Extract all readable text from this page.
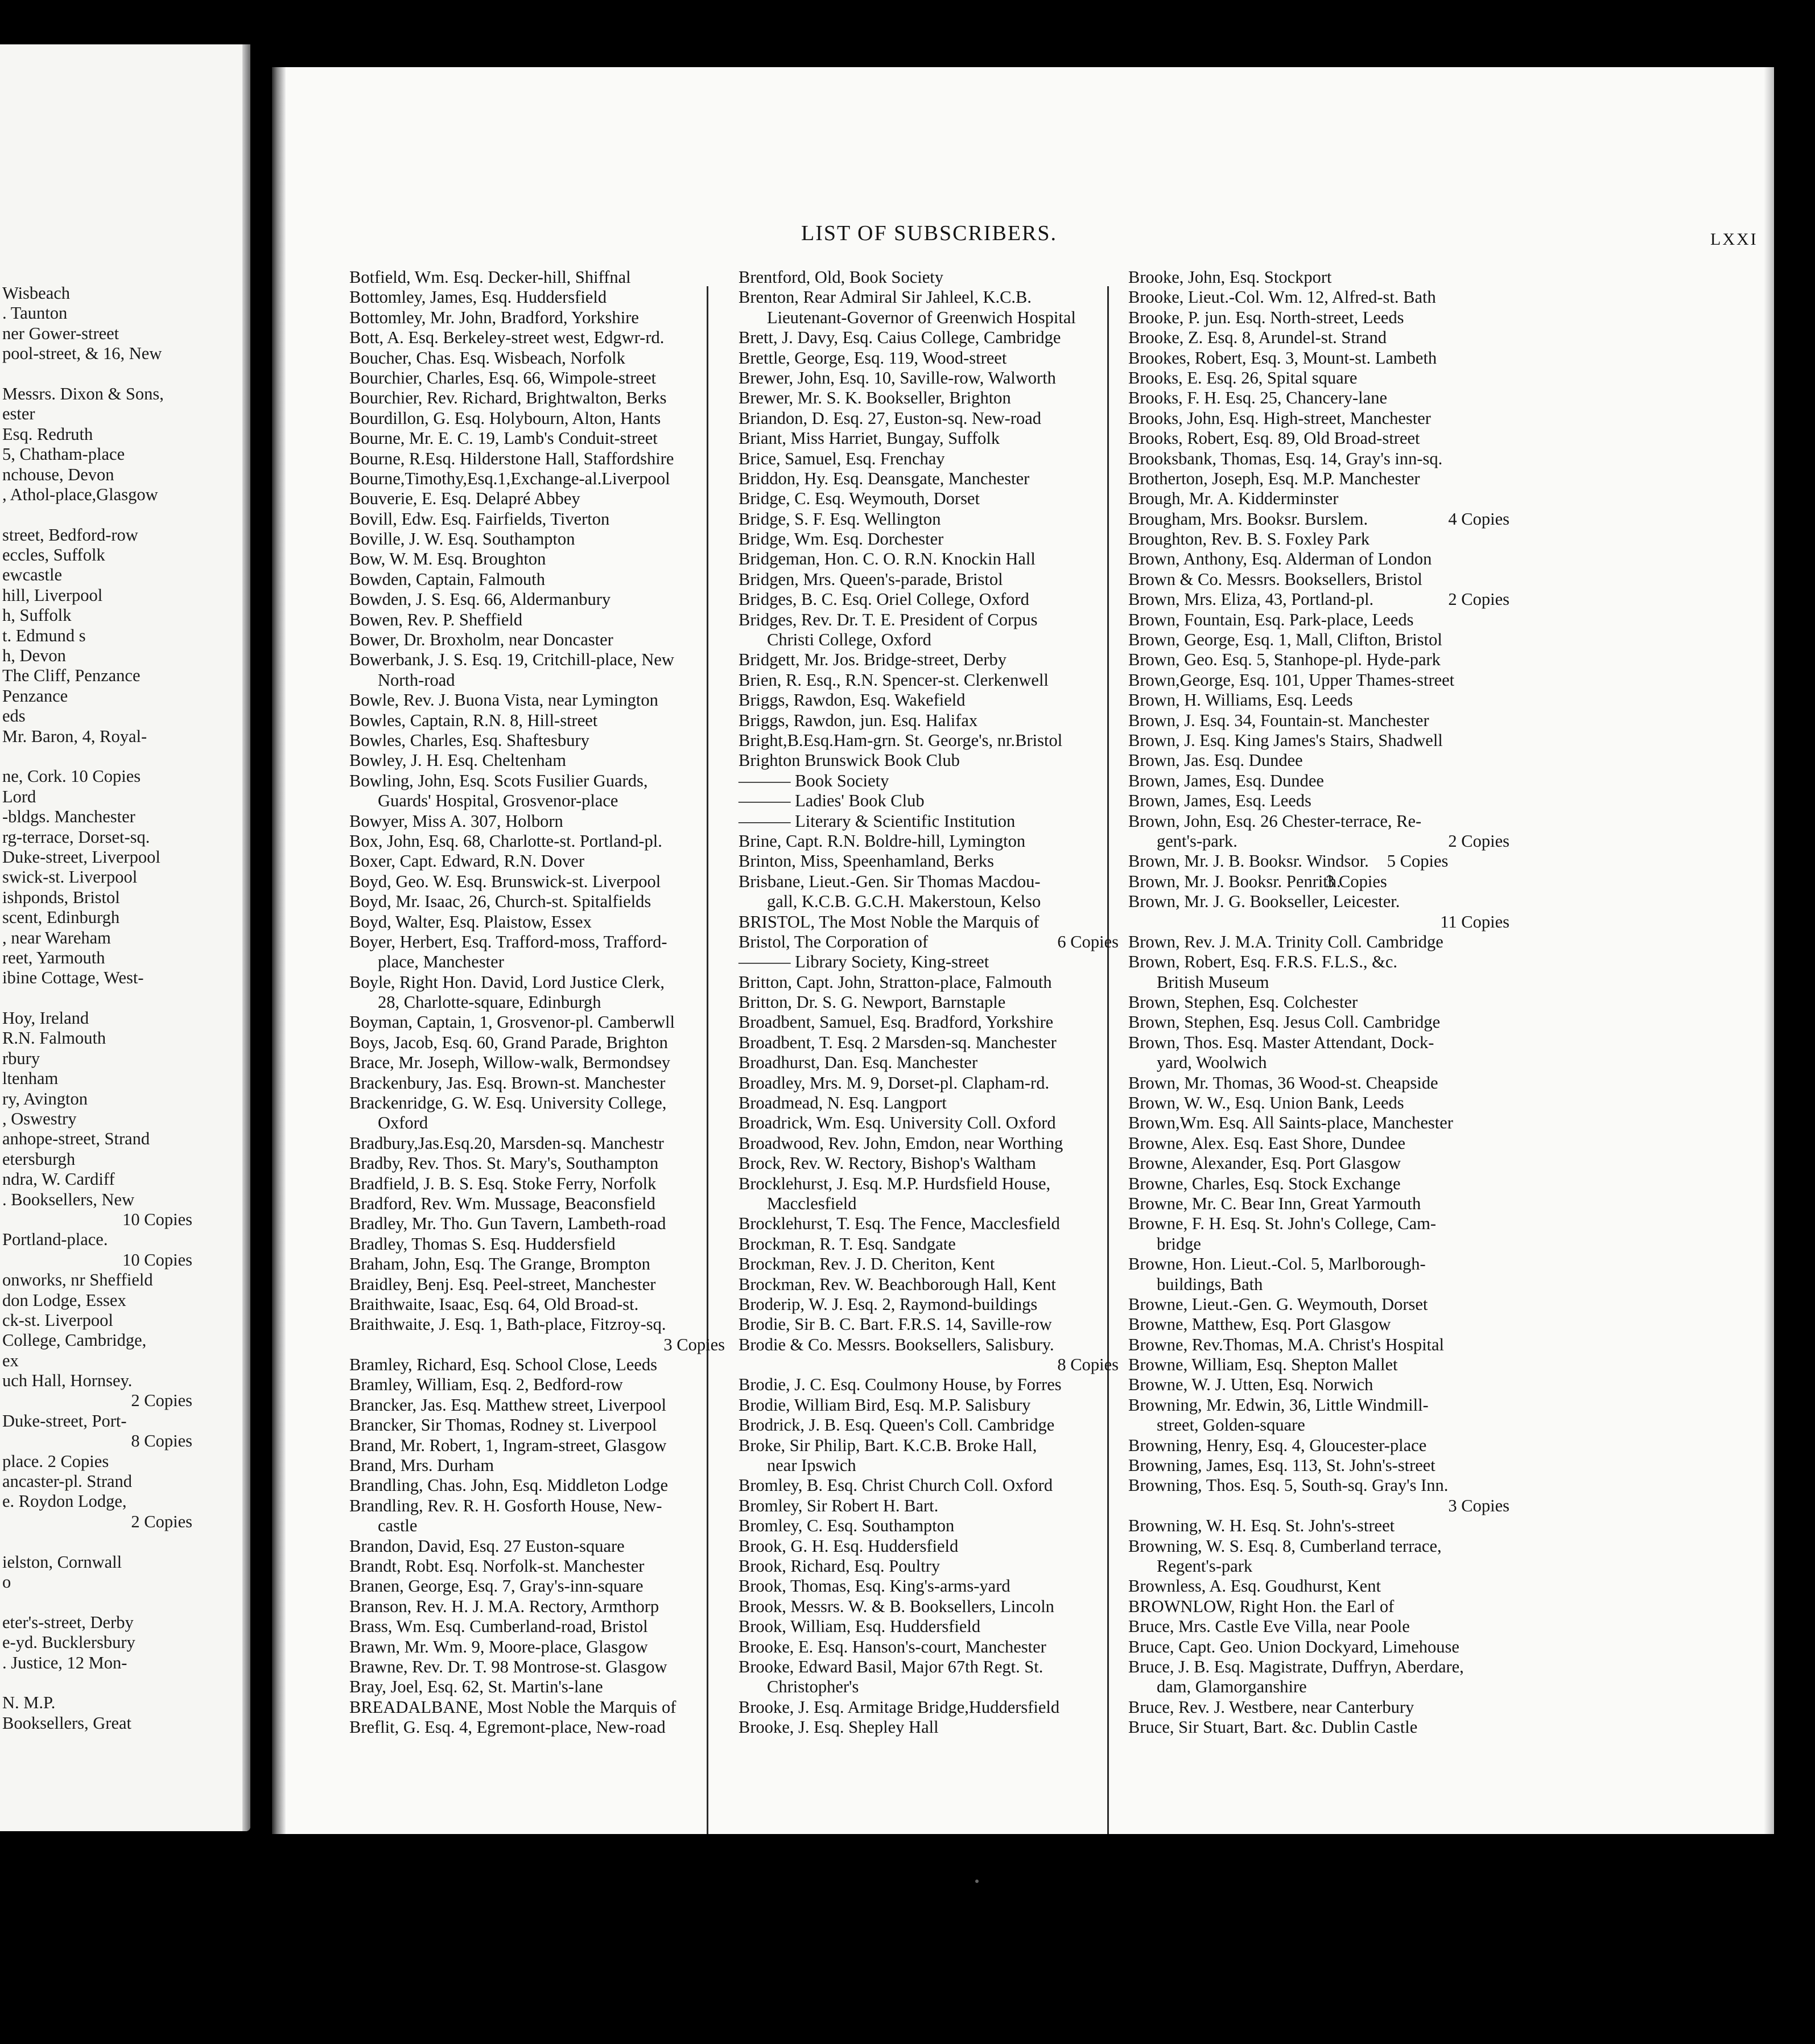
Wisbeach
. Taunton
ner Gower-street
pool-street, & 16, New
Messrs. Dixon & Sons,
ester
Esq. Redruth
5, Chatham-place
nchouse, Devon
, Athol-place,Glasgow
street, Bedford-row
eccles, Suffolk
ewcastle
hill, Liverpool
h, Suffolk
t. Edmund s
h, Devon
The Cliff, Penzance
Penzance
eds
Mr. Baron, 4, Royal-
ne, Cork. 10 Copies
Lord
-bldgs. Manchester
rg-terrace, Dorset-sq.
Duke-street, Liverpool
swick-st. Liverpool
ishponds, Bristol
scent, Edinburgh
, near Wareham
reet, Yarmouth
ibine Cottage, West-
Hoy, Ireland
R.N. Falmouth
rbury
ltenham
ry, Avington
, Oswestry
anhope-street, Strand
etersburgh
ndra, W. Cardiff
. Booksellers, New
10 Copies
Portland-place.
10 Copies
onworks, nr Sheffield
don Lodge, Essex
ck-st. Liverpool
College, Cambridge,
ex
uch Hall, Hornsey.
2 Copies
Duke-street, Port-
8 Copies
place. 2 Copies
ancaster-pl. Strand
e. Roydon Lodge,
2 Copies
ielston, Cornwall
o
eter's-street, Derby
e-yd. Bucklersbury
. Justice, 12 Mon-
N. M.P.
Booksellers, Great
LIST OF SUBSCRIBERS.	LXXI
Botfield, Wm. Esq. Decker-hill, Shiffnal
Bottomley, James, Esq. Huddersfield
Bottomley, Mr. John, Bradford, Yorkshire
Bott, A. Esq. Berkeley-street west, Edgwr-rd.
Boucher, Chas. Esq. Wisbeach, Norfolk
Bourchier, Charles, Esq. 66, Wimpole-street
Bourchier, Rev. Richard, Brightwalton, Berks
Bourdillon, G. Esq. Holybourn, Alton, Hants
Bourne, Mr. E. C. 19, Lamb's Conduit-street
Bourne, R.Esq. Hilderstone Hall, Staffordshire
Bourne,Timothy,Esq.1,Exchange-al.Liverpool
Bouverie, E. Esq. Delapré Abbey
Bovill, Edw. Esq. Fairfields, Tiverton
Boville, J. W. Esq. Southampton
Bow, W. M. Esq. Broughton
Bowden, Captain, Falmouth
Bowden, J. S. Esq. 66, Aldermanbury
Bowen, Rev. P. Sheffield
Bower, Dr. Broxholm, near Doncaster
Bowerbank, J. S. Esq. 19, Critchill-place, New
North-road
Bowle, Rev. J. Buona Vista, near Lymington
Bowles, Captain, R.N. 8, Hill-street
Bowles, Charles, Esq. Shaftesbury
Bowley, J. H. Esq. Cheltenham
Bowling, John, Esq. Scots Fusilier Guards,
Guards' Hospital, Grosvenor-place
Bowyer, Miss A. 307, Holborn
Box, John, Esq. 68, Charlotte-st. Portland-pl.
Boxer, Capt. Edward, R.N. Dover
Boyd, Geo. W. Esq. Brunswick-st. Liverpool
Boyd, Mr. Isaac, 26, Church-st. Spitalfields
Boyd, Walter, Esq. Plaistow, Essex
Boyer, Herbert, Esq. Trafford-moss, Trafford-
place, Manchester
Boyle, Right Hon. David, Lord Justice Clerk,
28, Charlotte-square, Edinburgh
Boyman, Captain, 1, Grosvenor-pl. Camberwll
Boys, Jacob, Esq. 60, Grand Parade, Brighton
Brace, Mr. Joseph, Willow-walk, Bermondsey
Brackenbury, Jas. Esq. Brown-st. Manchester
Brackenridge, G. W. Esq. University College,
Oxford
Bradbury,Jas.Esq.20, Marsden-sq. Manchestr
Bradby, Rev. Thos. St. Mary's, Southampton
Bradfield, J. B. S. Esq. Stoke Ferry, Norfolk
Bradford, Rev. Wm. Mussage, Beaconsfield
Bradley, Mr. Tho. Gun Tavern, Lambeth-road
Bradley, Thomas S. Esq. Huddersfield
Braham, John, Esq. The Grange, Brompton
Braidley, Benj. Esq. Peel-street, Manchester
Braithwaite, Isaac, Esq. 64, Old Broad-st.
Braithwaite, J. Esq. 1, Bath-place, Fitzroy-sq.
3 Copies
Bramley, Richard, Esq. School Close, Leeds
Bramley, William, Esq. 2, Bedford-row
Brancker, Jas. Esq. Matthew street, Liverpool
Brancker, Sir Thomas, Rodney st. Liverpool
Brand, Mr. Robert, 1, Ingram-street, Glasgow
Brand, Mrs. Durham
Brandling, Chas. John, Esq. Middleton Lodge
Brandling, Rev. R. H. Gosforth House, New-
castle
Brandon, David, Esq. 27 Euston-square
Brandt, Robt. Esq. Norfolk-st. Manchester
Branen, George, Esq. 7, Gray's-inn-square
Branson, Rev. H. J. M.A. Rectory, Armthorp
Brass, Wm. Esq. Cumberland-road, Bristol
Brawn, Mr. Wm. 9, Moore-place, Glasgow
Brawne, Rev. Dr. T. 98 Montrose-st. Glasgow
Bray, Joel, Esq. 62, St. Martin's-lane
BREADALBANE, Most Noble the Marquis of
Breflit, G. Esq. 4, Egremont-place, New-road
Brentford, Old, Book Society
Brenton, Rear Admiral Sir Jahleel, K.C.B.
Lieutenant-Governor of Greenwich Hospital
Brett, J. Davy, Esq. Caius College, Cambridge
Brettle, George, Esq. 119, Wood-street
Brewer, John, Esq. 10, Saville-row, Walworth
Brewer, Mr. S. K. Bookseller, Brighton
Briandon, D. Esq. 27, Euston-sq. New-road
Briant, Miss Harriet, Bungay, Suffolk
Brice, Samuel, Esq. Frenchay
Briddon, Hy. Esq. Deansgate, Manchester
Bridge, C. Esq. Weymouth, Dorset
Bridge, S. F. Esq. Wellington
Bridge, Wm. Esq. Dorchester
Bridgeman, Hon. C. O. R.N. Knockin Hall
Bridgen, Mrs. Queen's-parade, Bristol
Bridges, B. C. Esq. Oriel College, Oxford
Bridges, Rev. Dr. T. E. President of Corpus
Christi College, Oxford
Bridgett, Mr. Jos. Bridge-street, Derby
Brien, R. Esq., R.N. Spencer-st. Clerkenwell
Briggs, Rawdon, Esq. Wakefield
Briggs, Rawdon, jun. Esq. Halifax
Bright,B.Esq.Ham-grn. St. George's, nr.Bristol
Brighton Brunswick Book Club
——— Book Society
——— Ladies' Book Club
——— Literary & Scientific Institution
Brine, Capt. R.N. Boldre-hill, Lymington
Brinton, Miss, Speenhamland, Berks
Brisbane, Lieut.-Gen. Sir Thomas Macdou-
gall, K.C.B. G.C.H. Makerstoun, Kelso
BRISTOL, The Most Noble the Marquis of
6 Copies
Bristol, The Corporation of
——— Library Society, King-street
Britton, Capt. John, Stratton-place, Falmouth
Britton, Dr. S. G. Newport, Barnstaple
Broadbent, Samuel, Esq. Bradford, Yorkshire
Broadbent, T. Esq. 2 Marsden-sq. Manchester
Broadhurst, Dan. Esq. Manchester
Broadley, Mrs. M. 9, Dorset-pl. Clapham-rd.
Broadmead, N. Esq. Langport
Broadrick, Wm. Esq. University Coll. Oxford
Broadwood, Rev. John, Emdon, near Worthing
Brock, Rev. W. Rectory, Bishop's Waltham
Brocklehurst, J. Esq. M.P. Hurdsfield House,
Macclesfield
Brocklehurst, T. Esq. The Fence, Macclesfield
Brockman, R. T. Esq. Sandgate
Brockman, Rev. J. D. Cheriton, Kent
Brockman, Rev. W. Beachborough Hall, Kent
Broderip, W. J. Esq. 2, Raymond-buildings
Brodie, Sir B. C. Bart. F.R.S. 14, Saville-row
Brodie & Co. Messrs. Booksellers, Salisbury.
8 Copies
Brodie, J. C. Esq. Coulmony House, by Forres
Brodie, William Bird, Esq. M.P. Salisbury
Brodrick, J. B. Esq. Queen's Coll. Cambridge
Broke, Sir Philip, Bart. K.C.B. Broke Hall,
near Ipswich
Bromley, B. Esq. Christ Church Coll. Oxford
Bromley, Sir Robert H. Bart.
Bromley, C. Esq. Southampton
Brook, G. H. Esq. Huddersfield
Brook, Richard, Esq. Poultry
Brook, Thomas, Esq. King's-arms-yard
Brook, Messrs. W. & B. Booksellers, Lincoln
Brook, William, Esq. Huddersfield
Brooke, E. Esq. Hanson's-court, Manchester
Brooke, Edward Basil, Major 67th Regt. St.
Christopher's
Brooke, J. Esq. Armitage Bridge,Huddersfield
Brooke, J. Esq. Shepley Hall
Brooke, John, Esq. Stockport
Brooke, Lieut.-Col. Wm. 12, Alfred-st. Bath
Brooke, P. jun. Esq. North-street, Leeds
Brooke, Z. Esq. 8, Arundel-st. Strand
Brookes, Robert, Esq. 3, Mount-st. Lambeth
Brooks, E. Esq. 26, Spital square
Brooks, F. H. Esq. 25, Chancery-lane
Brooks, John, Esq. High-street, Manchester
Brooks, Robert, Esq. 89, Old Broad-street
Brooksbank, Thomas, Esq. 14, Gray's inn-sq.
Brotherton, Joseph, Esq. M.P. Manchester
Brough, Mr. A. Kidderminster
4 Copies
Brougham, Mrs. Booksr. Burslem.
Broughton, Rev. B. S. Foxley Park
Brown, Anthony, Esq. Alderman of London
Brown & Co. Messrs. Booksellers, Bristol
2 Copies
Brown, Mrs. Eliza, 43, Portland-pl.
Brown, Fountain, Esq. Park-place, Leeds
Brown, George, Esq. 1, Mall, Clifton, Bristol
Brown, Geo. Esq. 5, Stanhope-pl. Hyde-park
Brown,George, Esq. 101, Upper Thames-street
Brown, H. Williams, Esq. Leeds
Brown, J. Esq. 34, Fountain-st. Manchester
Brown, J. Esq. King James's Stairs, Shadwell
Brown, Jas. Esq. Dundee
Brown, James, Esq. Dundee
Brown, James, Esq. Leeds
Brown, John, Esq. 26 Chester-terrace, Re-
2 Copies
gent's-park.
5 Copies
Brown, Mr. J. B. Booksr. Windsor.
3 Copies
Brown, Mr. J. Booksr. Penrith.
Brown, Mr. J. G. Bookseller, Leicester.
11 Copies
Brown, Rev. J. M.A. Trinity Coll. Cambridge
Brown, Robert, Esq. F.R.S. F.L.S., &c.
British Museum
Brown, Stephen, Esq. Colchester
Brown, Stephen, Esq. Jesus Coll. Cambridge
Brown, Thos. Esq. Master Attendant, Dock-
yard, Woolwich
Brown, Mr. Thomas, 36 Wood-st. Cheapside
Brown, W. W., Esq. Union Bank, Leeds
Brown,Wm. Esq. All Saints-place, Manchester
Browne, Alex. Esq. East Shore, Dundee
Browne, Alexander, Esq. Port Glasgow
Browne, Charles, Esq. Stock Exchange
Browne, Mr. C. Bear Inn, Great Yarmouth
Browne, F. H. Esq. St. John's College, Cam-
bridge
Browne, Hon. Lieut.-Col. 5, Marlborough-
buildings, Bath
Browne, Lieut.-Gen. G. Weymouth, Dorset
Browne, Matthew, Esq. Port Glasgow
Browne, Rev.Thomas, M.A. Christ's Hospital
Browne, William, Esq. Shepton Mallet
Browne, W. J. Utten, Esq. Norwich
Browning, Mr. Edwin, 36, Little Windmill-
street, Golden-square
Browning, Henry, Esq. 4, Gloucester-place
Browning, James, Esq. 113, St. John's-street
Browning, Thos. Esq. 5, South-sq. Gray's Inn.
3 Copies
Browning, W. H. Esq. St. John's-street
Browning, W. S. Esq. 8, Cumberland terrace,
Regent's-park
Brownless, A. Esq. Goudhurst, Kent
BROWNLOW, Right Hon. the Earl of
Bruce, Mrs. Castle Eve Villa, near Poole
Bruce, Capt. Geo. Union Dockyard, Limehouse
Bruce, J. B. Esq. Magistrate, Duffryn, Aberdare,
dam, Glamorganshire
Bruce, Rev. J. Westbere, near Canterbury
Bruce, Sir Stuart, Bart. &c. Dublin Castle
